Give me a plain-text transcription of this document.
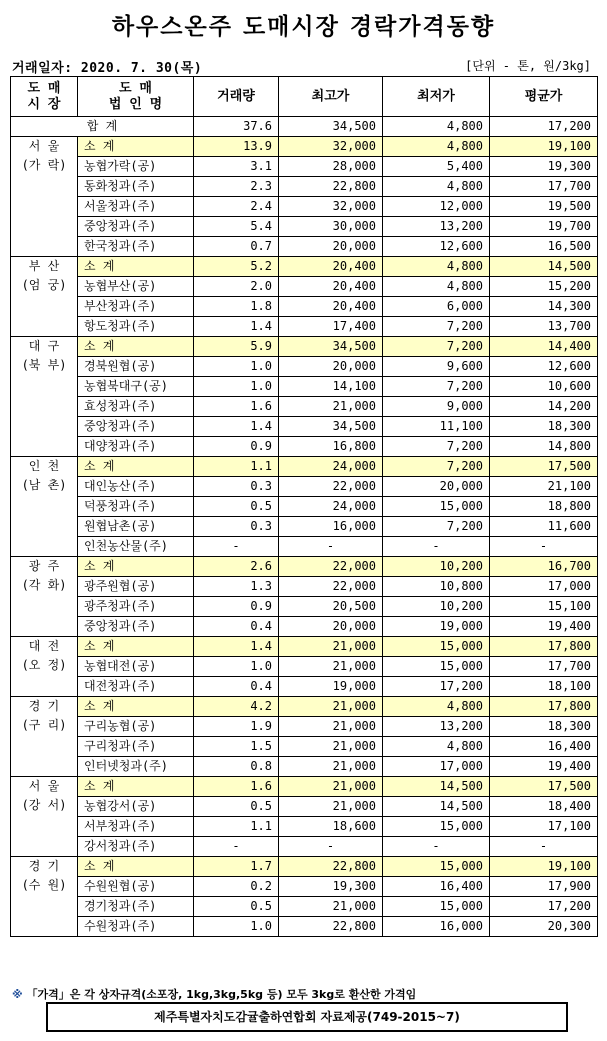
하우스온주 도매시장 경락가격동향
거래일자: 2020. 7. 30(목)	[단위 - 톤, 원/3kg]
도 매
시 장	도 매
법 인 명	거래량	최고가	최저가	평균가
합 계		37.6	34,500	4,800	17,200

서 울
(가 락)	소 계	13.9	32,000	4,800	19,100
	농협가락(공)	3.1	28,000	5,400	19,300
	동화청과(주)	2.3	22,800	4,800	17,700
	서울청과(주)	2.4	32,000	12,000	19,500
	중앙청과(주)	5.4	30,000	13,200	19,700
	한국청과(주)	0.7	20,000	12,600	16,500

부 산
(엄 궁)	소 계	5.2	20,400	4,800	14,500
	농협부산(공)	2.0	20,400	4,800	15,200
	부산청과(주)	1.8	20,400	6,000	14,300
	항도청과(주)	1.4	17,400	7,200	13,700

대 구
(북 부)	소 계	5.9	34,500	7,200	14,400
	경북원협(공)	1.0	20,000	9,600	12,600
	농협북대구(공)	1.0	14,100	7,200	10,600
	효성청과(주)	1.6	21,000	9,000	14,200
	중앙청과(주)	1.4	34,500	11,100	18,300
	대양청과(주)	0.9	16,800	7,200	14,800

인 천
(남 촌)	소 계	1.1	24,000	7,200	17,500
	대인농산(주)	0.3	22,000	20,000	21,100
	덕풍청과(주)	0.5	24,000	15,000	18,800
	원협남촌(공)	0.3	16,000	7,200	11,600
	인천농산물(주)	-	-	-	-

광 주
(각 화)	소 계	2.6	22,000	10,200	16,700
	광주원협(공)	1.3	22,000	10,800	17,000
	광주청과(주)	0.9	20,500	10,200	15,100
	중앙청과(주)	0.4	20,000	19,000	19,400

대 전
(오 정)	소 계	1.4	21,000	15,000	17,800
	농협대전(공)	1.0	21,000	15,000	17,700
	대전청과(주)	0.4	19,000	17,200	18,100

경 기
(구 리)	소 계	4.2	21,000	4,800	17,800
	구리농협(공)	1.9	21,000	13,200	18,300
	구리청과(주)	1.5	21,000	4,800	16,400
	인터넷청과(주)	0.8	21,000	17,000	19,400

서 울
(강 서)	소 계	1.6	21,000	14,500	17,500
	농협강서(공)	0.5	21,000	14,500	18,400
	서부청과(주)	1.1	18,600	15,000	17,100
	강서청과(주)	-	-	-	-

경 기
(수 원)	소 계	1.7	22,800	15,000	19,100
	수원원협(공)	0.2	19,300	16,400	17,900
	경기청과(주)	0.5	21,000	15,000	17,200
	수원청과(주)	1.0	22,800	16,000	20,300
※ 「가격」은 각 상자규격(소포장, 1kg,3kg,5kg 등) 모두 3kg로 환산한 가격임
제주특별자치도감귤출하연합회 자료제공(749-2015~7)
